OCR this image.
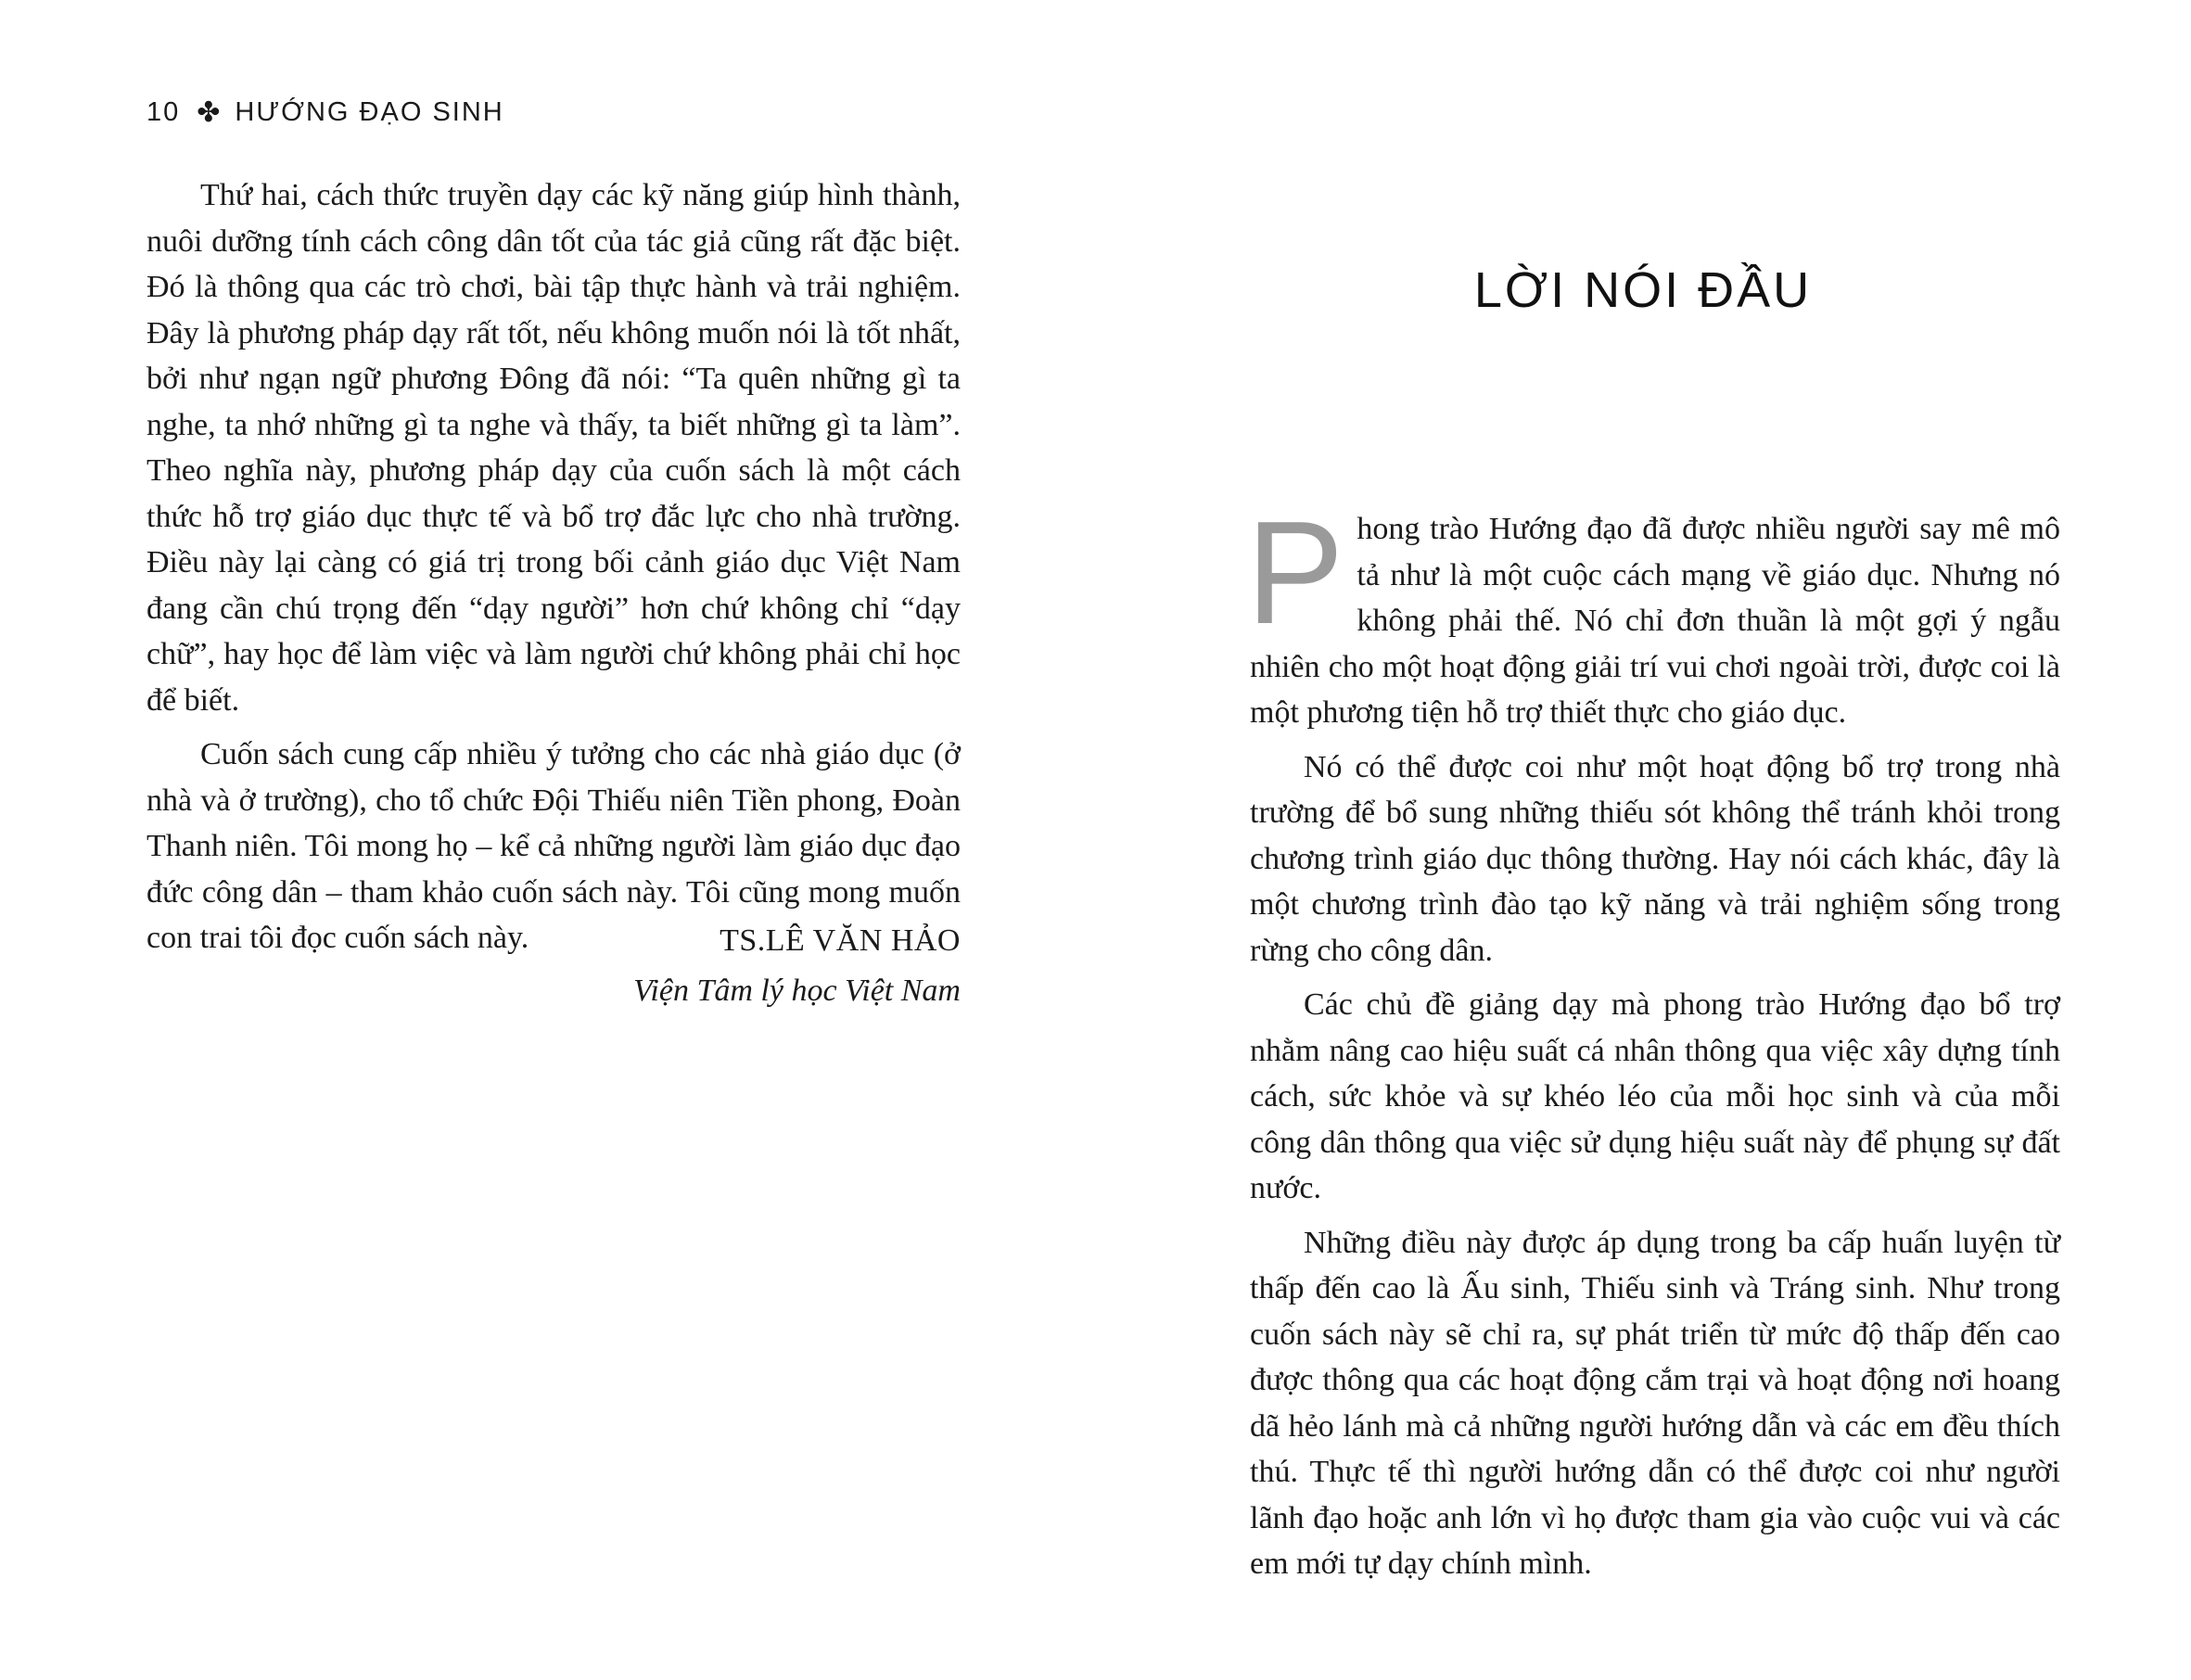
10 ✤ HƯỚNG ĐẠO SINH

Thứ hai, cách thức truyền dạy các kỹ năng giúp hình thành, nuôi dưỡng tính cách công dân tốt của tác giả cũng rất đặc biệt. Đó là thông qua các trò chơi, bài tập thực hành và trải nghiệm. Đây là phương pháp dạy rất tốt, nếu không muốn nói là tốt nhất, bởi như ngạn ngữ phương Đông đã nói: “Ta quên những gì ta nghe, ta nhớ những gì ta nghe và thấy, ta biết những gì ta làm”. Theo nghĩa này, phương pháp dạy của cuốn sách là một cách thức hỗ trợ giáo dục thực tế và bổ trợ đắc lực cho nhà trường. Điều này lại càng có giá trị trong bối cảnh giáo dục Việt Nam đang cần chú trọng đến “dạy người” hơn chứ không chỉ “dạy chữ”, hay học để làm việc và làm người chứ không phải chỉ học để biết.

Cuốn sách cung cấp nhiều ý tưởng cho các nhà giáo dục (ở nhà và ở trường), cho tổ chức Đội Thiếu niên Tiền phong, Đoàn Thanh niên. Tôi mong họ – kể cả những người làm giáo dục đạo đức công dân – tham khảo cuốn sách này. Tôi cũng mong muốn con trai tôi đọc cuốn sách này.	TS.LÊ VĂN HẢO
Viện Tâm lý học Việt Nam
LỜI NÓI ĐẦU

Phong trào Hướng đạo đã được nhiều người say mê mô tả như là một cuộc cách mạng về giáo dục. Nhưng nó không phải thế. Nó chỉ đơn thuần là một gợi ý ngẫu nhiên cho một hoạt động giải trí vui chơi ngoài trời, được coi là một phương tiện hỗ trợ thiết thực cho giáo dục.

Nó có thể được coi như một hoạt động bổ trợ trong nhà trường để bổ sung những thiếu sót không thể tránh khỏi trong chương trình giáo dục thông thường. Hay nói cách khác, đây là một chương trình đào tạo kỹ năng và trải nghiệm sống trong rừng cho công dân.

Các chủ đề giảng dạy mà phong trào Hướng đạo bổ trợ nhằm nâng cao hiệu suất cá nhân thông qua việc xây dựng tính cách, sức khỏe và sự khéo léo của mỗi học sinh và của mỗi công dân thông qua việc sử dụng hiệu suất này để phụng sự đất nước.

Những điều này được áp dụng trong ba cấp huấn luyện từ thấp đến cao là Ấu sinh, Thiếu sinh và Tráng sinh. Như trong cuốn sách này sẽ chỉ ra, sự phát triển từ mức độ thấp đến cao được thông qua các hoạt động cắm trại và hoạt động nơi hoang dã hẻo lánh mà cả những người hướng dẫn và các em đều thích thú. Thực tế thì người hướng dẫn có thể được coi như người lãnh đạo hoặc anh lớn vì họ được tham gia vào cuộc vui và các em mới tự dạy chính mình.
